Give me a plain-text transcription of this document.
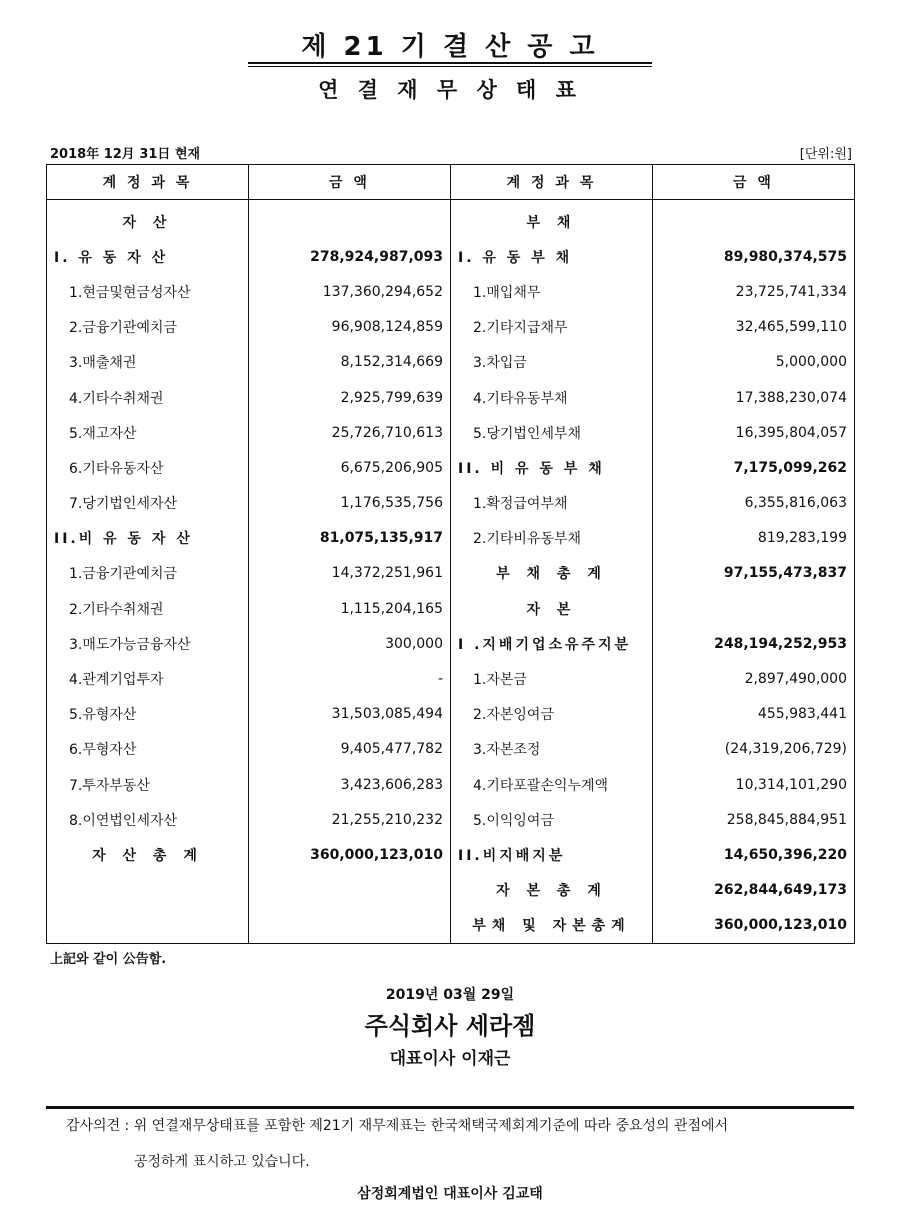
제 21 기 결 산 공 고
연 결 재 무 상 태 표
2018年 12月 31日 현재	[단위:원]
계 정 과 목	금 액	계 정 과 목	금 액
자 산		부 채	
I. 유 동 자 산	278,924,987,093	I. 유 동 부 채	89,980,374,575
1.현금및현금성자산	137,360,294,652	1.매입채무	23,725,741,334
2.금융기관예치금	96,908,124,859	2.기타지급채무	32,465,599,110
3.매출채권	8,152,314,669	3.차입금	5,000,000
4.기타수취채권	2,925,799,639	4.기타유동부채	17,388,230,074
5.재고자산	25,726,710,613	5.당기법인세부채	16,395,804,057
6.기타유동자산	6,675,206,905	II. 비 유 동 부 채	7,175,099,262
7.당기법인세자산	1,176,535,756	1.확정급여부채	6,355,816,063
II.비 유 동 자 산	81,075,135,917	2.기타비유동부채	819,283,199
1.금융기관예치금	14,372,251,961	부 채 총 계	97,155,473,837
2.기타수취채권	1,115,204,165	자 본	
3.매도가능금융자산	300,000	I .지배기업소유주지분	248,194,252,953
4.관계기업투자	-	1.자본금	2,897,490,000
5.유형자산	31,503,085,494	2.자본잉여금	455,983,441
6.무형자산	9,405,477,782	3.자본조정	(24,319,206,729)
7.투자부동산	3,423,606,283	4.기타포괄손익누계액	10,314,101,290
8.이연법인세자산	21,255,210,232	5.이익잉여금	258,845,884,951
자 산 총 계	360,000,123,010	II.비지배지분	14,650,396,220
		자 본 총 계	262,844,649,173
		부채 및 자본총계	360,000,123,010
上記와 같이 公告함.
2019년 03월 29일
주식회사 세라젬
대표이사 이재근
감사의견 : 위 연결재무상태표를 포함한 제21기 재무제표는 한국채택국제회계기준에 따라 중요성의 관점에서
공정하게 표시하고 있습니다.
삼정회계법인 대표이사 김교태
